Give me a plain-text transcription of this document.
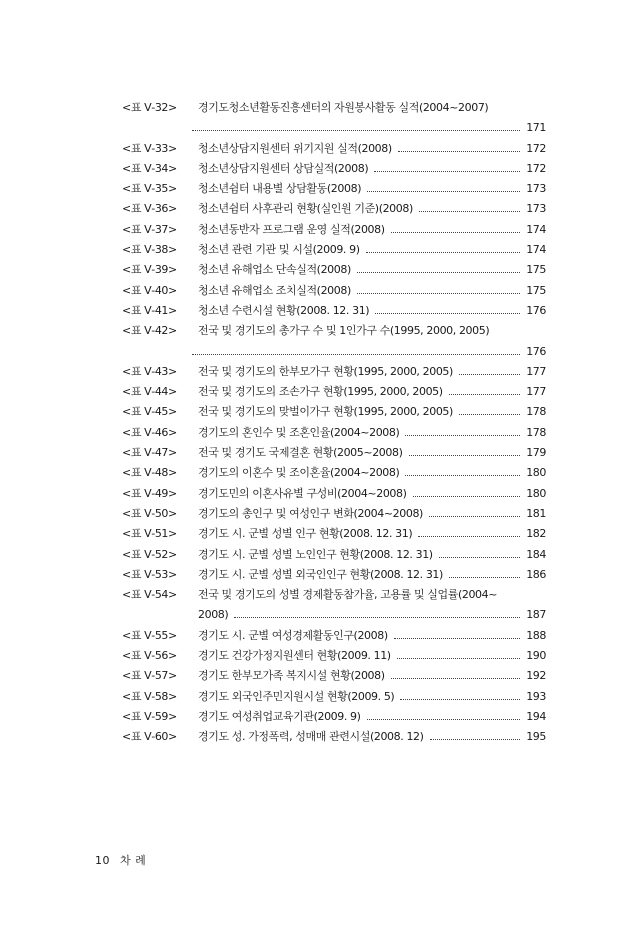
<표 Ⅴ-32>	경기도청소년활동진흥센터의 자원봉사활동 실적(2004~2007)
171
<표 Ⅴ-33>	청소년상담지원센터 위기지원 실적(2008)	172
<표 Ⅴ-34>	청소년상담지원센터 상담실적(2008)	172
<표 Ⅴ-35>	청소년쉼터 내용별 상담활동(2008)	173
<표 Ⅴ-36>	청소년쉼터 사후관리 현황(실인원 기준)(2008)	173
<표 Ⅴ-37>	청소년동반자 프로그램 운영 실적(2008)	174
<표 Ⅴ-38>	청소년 관련 기관 및 시설(2009. 9)	174
<표 Ⅴ-39>	청소년 유해업소 단속실적(2008)	175
<표 Ⅴ-40>	청소년 유해업소 조치실적(2008)	175
<표 Ⅴ-41>	청소년 수련시설 현황(2008. 12. 31)	176
<표 Ⅴ-42>	전국 및 경기도의 총가구 수 및 1인가구 수(1995, 2000, 2005)
176
<표 Ⅴ-43>	전국 및 경기도의 한부모가구 현황(1995, 2000, 2005)	177
<표 Ⅴ-44>	전국 및 경기도의 조손가구 현황(1995, 2000, 2005)	177
<표 Ⅴ-45>	전국 및 경기도의 맞벌이가구 현황(1995, 2000, 2005)	178
<표 Ⅴ-46>	경기도의 혼인수 및 조혼인율(2004~2008)	178
<표 Ⅴ-47>	전국 및 경기도 국제결혼 현황(2005~2008)	179
<표 Ⅴ-48>	경기도의 이혼수 및 조이혼율(2004~2008)	180
<표 Ⅴ-49>	경기도민의 이혼사유별 구성비(2004~2008)	180
<표 Ⅴ-50>	경기도의 총인구 및 여성인구 변화(2004~2008)	181
<표 Ⅴ-51>	경기도 시. 군별 성별 인구 현황(2008. 12. 31)	182
<표 Ⅴ-52>	경기도 시. 군별 성별 노인인구 현황(2008. 12. 31)	184
<표 Ⅴ-53>	경기도 시. 군별 성별 외국인인구 현황(2008. 12. 31)	186
<표 Ⅴ-54>	전국 및 경기도의 성별 경제활동참가율, 고용률 및 실업률(2004~
2008)	187
<표 Ⅴ-55>	경기도 시. 군별 여성경제활동인구(2008)	188
<표 Ⅴ-56>	경기도 건강가정지원센터 현황(2009. 11)	190
<표 Ⅴ-57>	경기도 한부모가족 복지시설 현황(2008)	192
<표 Ⅴ-58>	경기도 외국인주민지원시설 현황(2009. 5)	193
<표 Ⅴ-59>	경기도 여성취업교육기관(2009. 9)	194
<표 Ⅴ-60>	경기도 성. 가정폭력, 성매매 관련시설(2008. 12)	195
10 차 례
